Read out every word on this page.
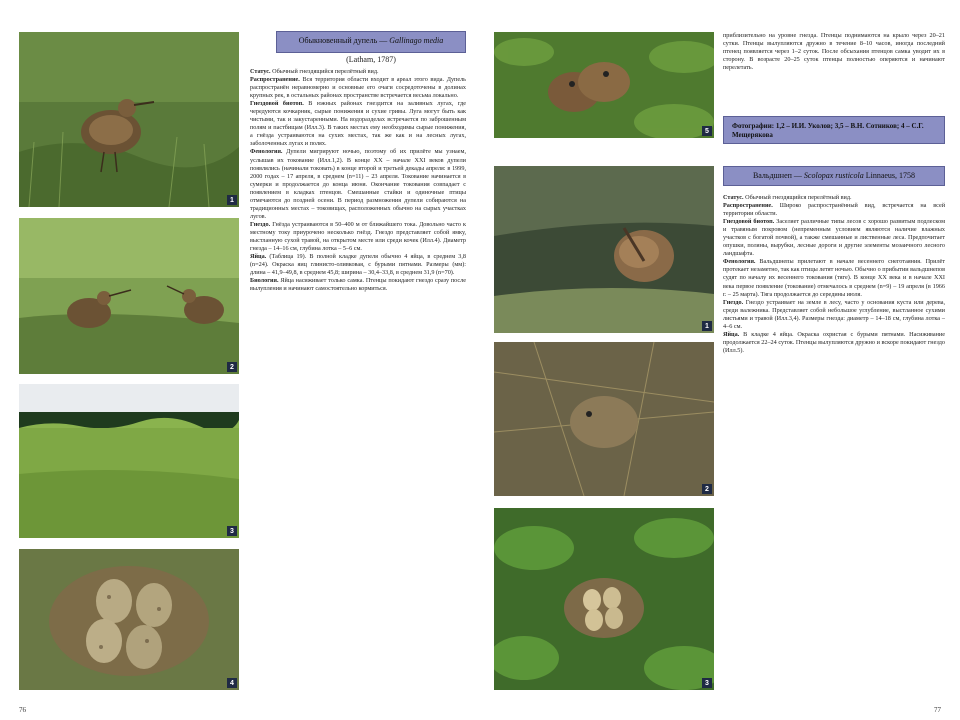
1
2
3
4
Обыкновенный дупель — Gallinago media
(Latham, 1787)

Статус. Обычный гнездящийся перелётный вид.

Распространение. Вся территория области входит в ареал этого вида. Дупель распространён неравномерно и основные его очаги сосредоточены в долинах крупных рек, в остальных районах пространстве встречается весьма локально.

Гнездовой биотоп. В южных районах гнездится на заливных лугах, где чередуются кочкарник, сырые понижения и сухие гривы. Луга могут быть как чистыми, так и закустаренными. На водоразделах встречается по заброшенным полям и пастбищам (Илл.3). В таких местах ему необходимы сырые понижения, а гнёзда устраиваются на сухих местах, так же как и на лесных лугах, заболоченных лугах и полях.

Фенология. Дупели мигрируют ночью, поэтому об их прилёте мы узнаем, услышав их токование (Илл.1,2). В конце XX – начале XXI веков дупели появлялись (начинали токовать) в конце второй и третьей декады апреля: в 1999, 2000 годах – 17 апреля, в среднем (n=11) – 23 апреля. Токование начинается в сумерки и продолжается до конца июня. Окончание токования совпадает с появлением в кладках птенцов. Смешанные стайки и одиночные птицы отмечаются до поздней осени. В период размножения дупели собираются на традиционных местах – токовищах, расположенных обычно на сырых участках лугов.

Гнездо. Гнёзда устраиваются в 50–400 м от ближайшего тока. Довольно часто к местному току приурочено несколько гнёзд. Гнездо представляет собой ямку, выстланную сухой травой, на открытом месте или среди кочек (Илл.4). Диаметр гнезда – 14–16 см, глубина лотка – 5–6 см.

Яйца. (Таблица 19). В полной кладке дупеля обычно 4 яйца, в среднем 3,8 (n=24). Окраска яиц глинисто-оливковая, с бурыми пятнами. Размеры (мм): длина – 41,9–49,8, в среднем 45,8; ширина – 30,4–33,8, в среднем 31,9 (n=70).

Биология. Яйца насиживает только самка. Птенцы покидают гнездо сразу после вылупления и начинают самостоятельно кормиться.

76
5

приблизительно на уровне гнезда. Птенцы поднимаются на крыло через 20–21 сутки. Птенцы вылупляются дружно в течение 8–10 часов, иногда последний птенец появляется через 1–2 суток. После обсыхания птенцов самка уводит их в сторону. В возрасте 20–25 суток птенцы полностью оперяются и начинают перелетать.

Фотографии: 1,2 – И.И. Уколов; 3,5 – В.Н. Сотников; 4 – С.Г. Мещерякова
1
2
3
Вальдшнеп — Scolopax rusticola Linnaeus, 1758

Статус. Обычный гнездящийся перелётный вид.

Распространение. Широко распространённый вид, встречается на всей территории области.

Гнездовой биотоп. Заселяет различные типы лесов с хорошо развитым подлеском и травяным покровом (непременным условием являются наличие влажных участков с богатой почвой), а также смешанные и лиственные леса. Предпочитает опушки, поляны, вырубки, лесные дороги и другие элементы мозаичного лесного ландшафта.

Фенология. Вальдшнепы прилетают в начале весеннего снеготаяния. Прилёт протекает незаметно, так как птицы летят ночью. Обычно о прибытии вальдшнепов судят по началу их весеннего токования (тяге). В конце XX века и в начале XXI века первое появление (токование) отмечалось в среднем (n=9) – 19 апреля (в 1966 г. – 25 марта). Тяга продолжается до середины июля.

Гнездо. Гнездо устраивает на земле в лесу, часто у основания куста или дерева, среди валежника. Представляет собой небольшое углубление, выстланное сухими листьями и травой (Илл.3,4). Размеры гнезда: диаметр – 14–18 см, глубина лотка – 4–6 см.

Яйца. В кладке 4 яйца. Окраска охристая с бурыми пятнами. Насиживание продолжается 22–24 суток. Птенцы вылупляются дружно и вскоре покидают гнездо (Илл.5).

77
